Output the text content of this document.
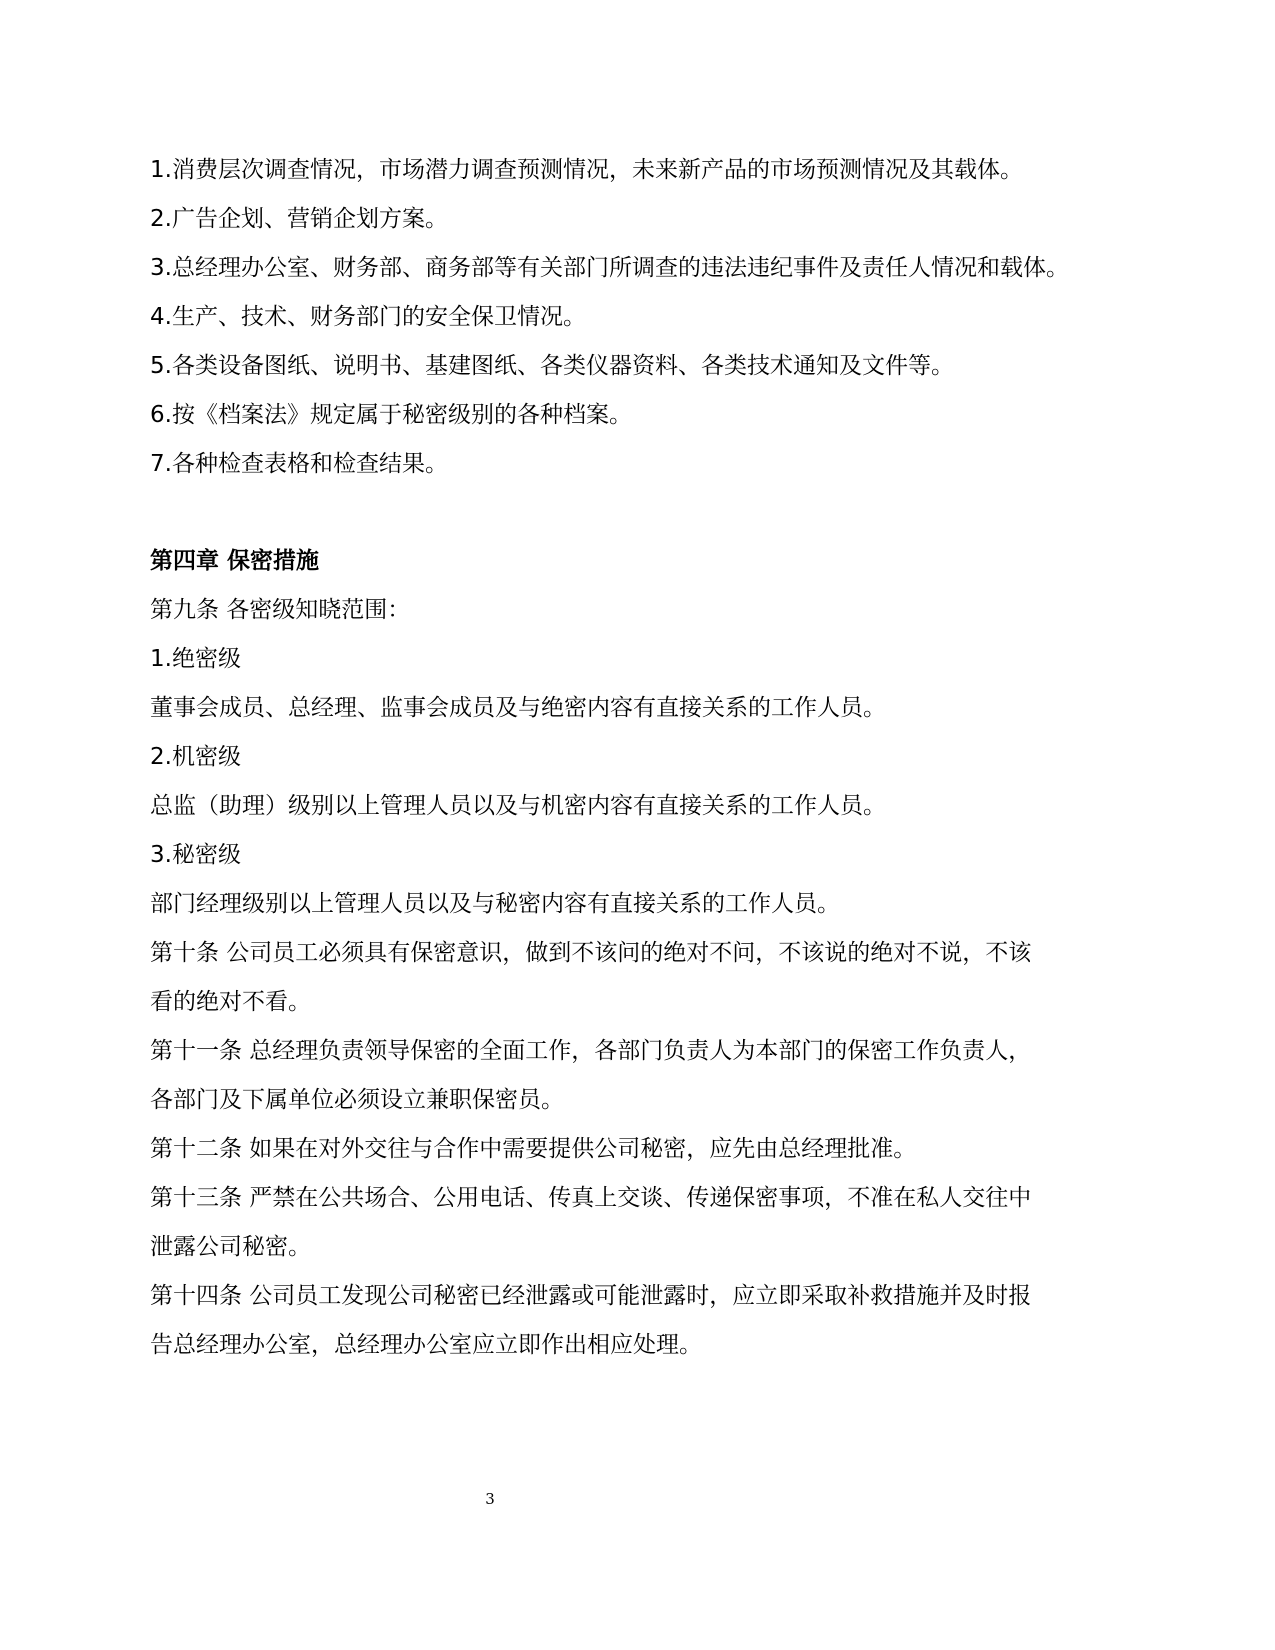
1.消费层次调查情况，市场潜力调查预测情况，未来新产品的市场预测情况及其载体。
2.广告企划、营销企划方案。
3.总经理办公室、财务部、商务部等有关部门所调查的违法违纪事件及责任人情况和载体。
4.生产、技术、财务部门的安全保卫情况。
5.各类设备图纸、说明书、基建图纸、各类仪器资料、各类技术通知及文件等。
6.按《档案法》规定属于秘密级别的各种档案。
7.各种检查表格和检查结果。
第四章 保密措施
第九条 各密级知晓范围：
1.绝密级
董事会成员、总经理、监事会成员及与绝密内容有直接关系的工作人员。
2.机密级
总监（助理）级别以上管理人员以及与机密内容有直接关系的工作人员。
3.秘密级
部门经理级别以上管理人员以及与秘密内容有直接关系的工作人员。
第十条 公司员工必须具有保密意识，做到不该问的绝对不问，不该说的绝对不说，不该
看的绝对不看。
第十一条 总经理负责领导保密的全面工作，各部门负责人为本部门的保密工作负责人，
各部门及下属单位必须设立兼职保密员。
第十二条 如果在对外交往与合作中需要提供公司秘密，应先由总经理批准。
第十三条 严禁在公共场合、公用电话、传真上交谈、传递保密事项，不准在私人交往中
泄露公司秘密。
第十四条 公司员工发现公司秘密已经泄露或可能泄露时，应立即采取补救措施并及时报
告总经理办公室，总经理办公室应立即作出相应处理。
3
